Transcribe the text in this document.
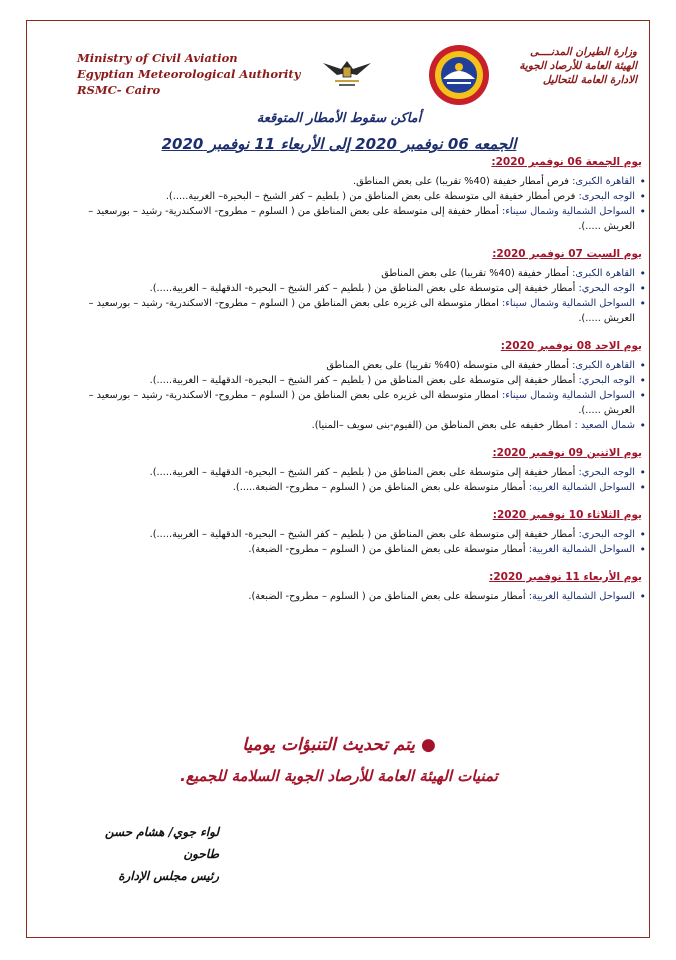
Ministry of Civil Aviation
Egyptian Meteorological Authority
RSMC- Cairo
وزارة الطيران المدنــــى
الهيئة العامة للأرصاد الجوية
الادارة العامة للتحاليل
أماكن سقوط الأمطار المتوقعة
الجمعه 06 نوفمبر 2020 إلى الأربعاء 11 نوفمبر 2020
●يتم تحديث التنبؤات يوميا
تمنيات الهيئة العامة للأرصاد الجوية السلامة للجميع.
لواء جوي/ هشام حسن طاحون
رئيس مجلس الإدارة
يوم الجمعة 06 نوفمبر 2020:
• القاهرة الكبرى: فرص أمطار خفيفة (40% تقريبا) على بعض المناطق.
• الوجه البحرى: فرص أمطار خفيفة الى متوسطة على بعض المناطق من ( بلطيم – كفر الشيخ – البحيرة– الغربية.....).
• السواحل الشمالية وشمال سيناء: أمطار خفيفة إلى متوسطة على بعض المناطق من ( السلوم – مطروح- الاسكندرية- رشيد – بورسعيد – العريش .....).
يوم السبت 07 نوفمبر 2020:
• القاهرة الكبرى: أمطار خفيفة (40% تقريبا) على بعض المناطق
• الوجه البحري: أمطار خفيفة إلى متوسطة على بعض المناطق من ( بلطيم – كفر الشيخ – البحيرة- الدقهلية – الغربية.....).
• السواحل الشمالية وشمال سيناء: امطار متوسطة الى غزيره على بعض المناطق من ( السلوم – مطروح- الاسكندرية- رشيد – بورسعيد – العريش .....).
يوم الاحد 08 نوفمبر 2020:
• القاهرة الكبرى: أمطار خفيفة الى متوسطه (40% تقريبا) على بعض المناطق
• الوجه البحري: أمطار خفيفة إلى متوسطة على بعض المناطق من ( بلطيم – كفر الشيخ – البحيرة- الدقهلية – الغربية.....).
• السواحل الشمالية وشمال سيناء: امطار متوسطة الى غزيره على بعض المناطق من ( السلوم – مطروح- الاسكندرية- رشيد – بورسعيد – العريش .....).
• شمال الصعيد : امطار خفيفه على بعض المناطق من (الفيوم-بنى سويف –المنيا).
يوم الاثنين 09 نوفمبر 2020:
• الوجه البحري: أمطار خفيفة إلى متوسطة على بعض المناطق من ( بلطيم – كفر الشيخ – البحيرة- الدقهلية – الغربية.....).
• السواحل الشمالية الغربيه: أمطار متوسطة على بعض المناطق من ( السلوم – مطروح- الضبعة.....).
يوم الثلاثاء 10 نوفمبر 2020:
• الوجه البحري: أمطار خفيفة إلى متوسطة على بعض المناطق من ( بلطيم – كفر الشيخ – البحيرة- الدقهلية – الغربية.....).
• السواحل الشمالية الغربية: أمطار متوسطة على بعض المناطق من ( السلوم – مطروح- الضبعة).
يوم الأربعاء 11 نوفمبر 2020:
• السواحل الشمالية الغربية: أمطار متوسطة على بعض المناطق من ( السلوم – مطروح- الضبعة).
